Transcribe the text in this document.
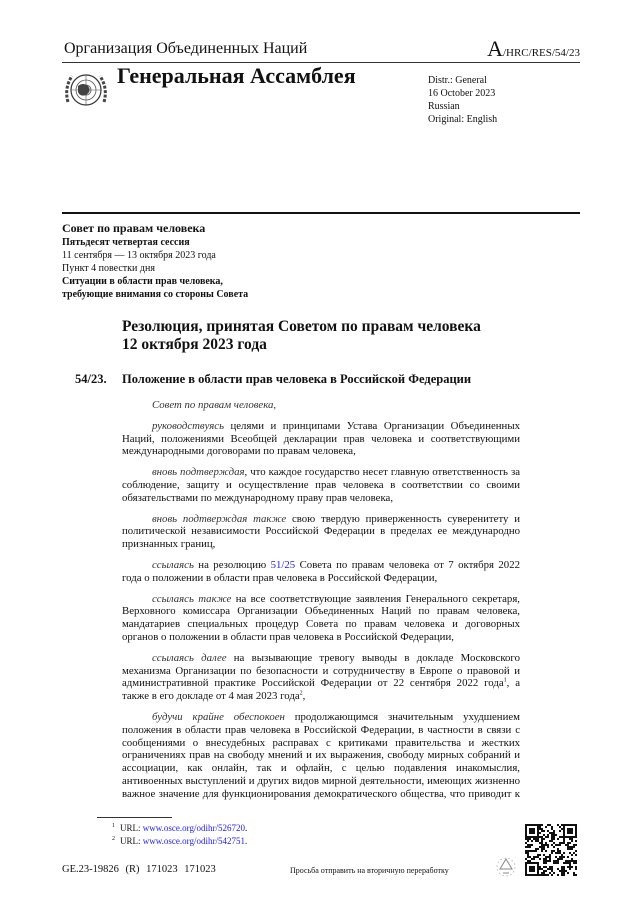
Организация Объединенных Наций	A/HRC/RES/54/23
Генеральная Ассамблея	Distr.: General
16 October 2023
Russian
Original: English
Совет по правам человека
Пятьдесят четвертая сессия
11 сентября — 13 октября 2023 года
Пункт 4 повестки дня
Ситуации в области прав человека,
требующие внимания со стороны Совета
Резолюция, принятая Советом по правам человека
12 октября 2023 года
54/23. Положение в области прав человека в Российской Федерации

Совет по правам человека,

руководствуясь целями и принципами Устава Организации Объединенных Наций, положениями Всеобщей декларации прав человека и соответствующими международными договорами по правам человека,

вновь подтверждая, что каждое государство несет главную ответственность за соблюдение, защиту и осуществление прав человека в соответствии со своими обязательствами по международному праву прав человека,

вновь подтверждая также свою твердую приверженность суверенитету и политической независимости Российской Федерации в пределах ее международно признанных границ,

ссылаясь на резолюцию 51/25 Совета по правам человека от 7 октября 2022 года о положении в области прав человека в Российской Федерации,

ссылаясь также на все соответствующие заявления Генерального секретаря, Верховного комиссара Организации Объединенных Наций по правам человека, мандатариев специальных процедур Совета по правам человека и договорных органов о положении в области прав человека в Российской Федерации,

ссылаясь далее на вызывающие тревогу выводы в докладе Московского механизма Организации по безопасности и сотрудничеству в Европе о правовой и административной практике Российской Федерации от 22 сентября 2022 года$^1$, а также в его докладе от 4 мая 2023 года$^2$,

будучи крайне обеспокоен продолжающимся значительным ухудшением положения в области прав человека в Российской Федерации, в частности в связи с сообщениями о внесудебных расправах с критиками правительства и жестких ограничениях прав на свободу мнений и их выражения, свободу мирных собраний и ассоциации, как онлайн, так и офлайн, с целью подавления инакомыслия, антивоенных выступлений и других видов мирной деятельности, имеющих жизненно важное значение для функционирования демократического общества, что приводит к

$^1$ URL: www.osce.org/odihr/526720.
$^2$ URL: www.osce.org/odihr/542751.
GE.23-19826 (R) 171023 171023	Просьба отправить на вторичную переработку
